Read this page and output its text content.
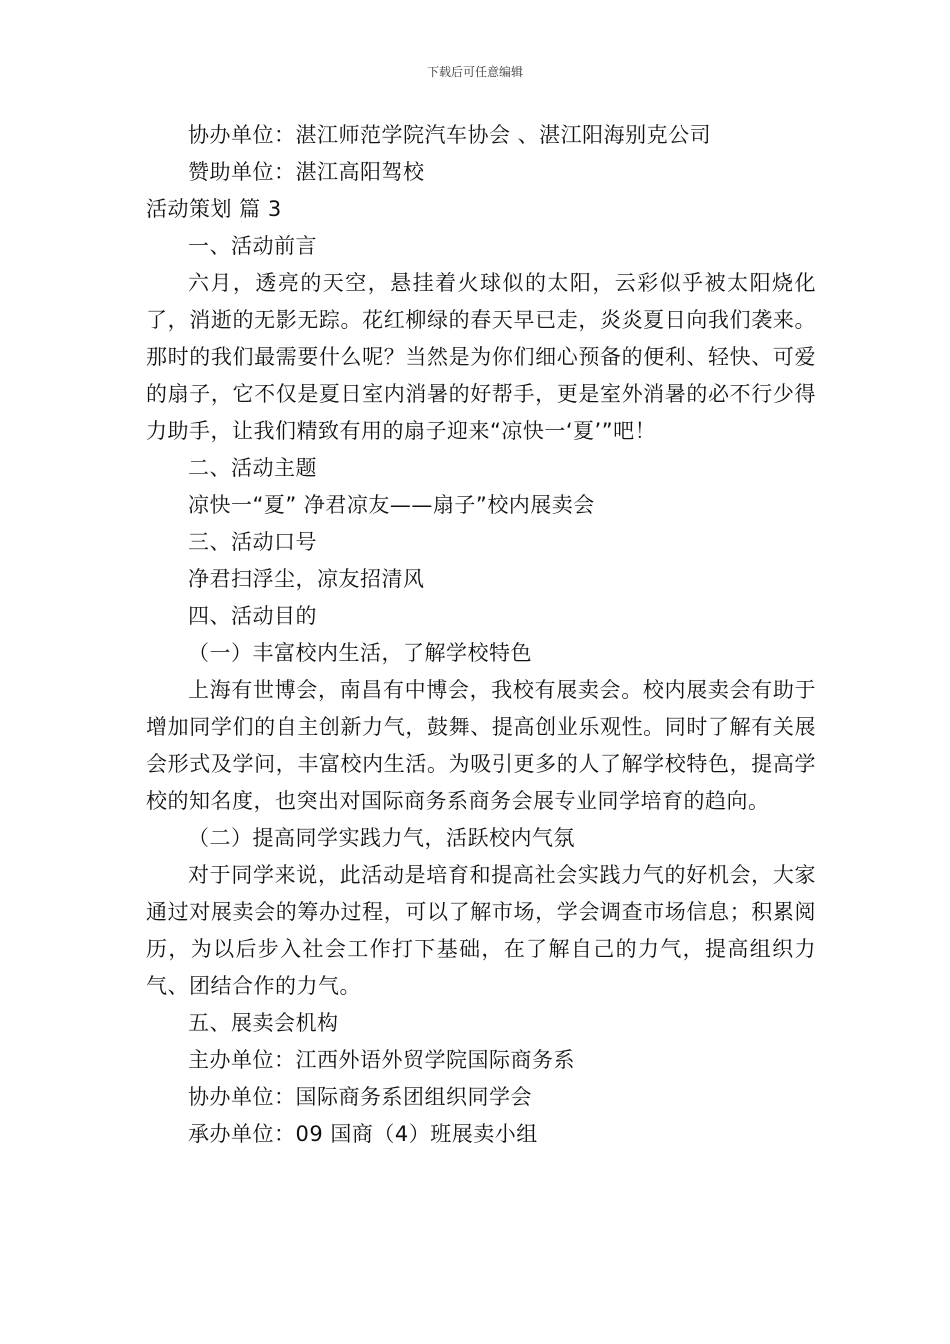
下载后可任意编辑

协办单位：湛江师范学院汽车协会 、湛江阳海别克公司

赞助单位：湛江高阳驾校

活动策划 篇 3

一、活动前言

六月，透亮的天空，悬挂着火球似的太阳，云彩似乎被太阳烧化了，消逝的无影无踪。花红柳绿的春天早已走，炎炎夏日向我们袭来。那时的我们最需要什么呢？当然是为你们细心预备的便利、轻快、可爱的扇子，它不仅是夏日室内消暑的好帮手，更是室外消暑的必不行少得力助手，让我们精致有用的扇子迎来“凉快一‘夏’”吧！

二、活动主题

凉快一“夏” 净君凉友——扇子”校内展卖会

三、活动口号

净君扫浮尘，凉友招清风

四、活动目的

（一）丰富校内生活，了解学校特色

上海有世博会，南昌有中博会，我校有展卖会。校内展卖会有助于增加同学们的自主创新力气，鼓舞、提高创业乐观性。同时了解有关展会形式及学问，丰富校内生活。为吸引更多的人了解学校特色，提高学校的知名度，也突出对国际商务系商务会展专业同学培育的趋向。

（二）提高同学实践力气，活跃校内气氛

对于同学来说，此活动是培育和提高社会实践力气的好机会，大家通过对展卖会的筹办过程，可以了解市场，学会调查市场信息；积累阅历，为以后步入社会工作打下基础，在了解自己的力气，提高组织力气、团结合作的力气。

五、展卖会机构

主办单位：江西外语外贸学院国际商务系

协办单位：国际商务系团组织同学会

承办单位：09 国商（4）班展卖小组
